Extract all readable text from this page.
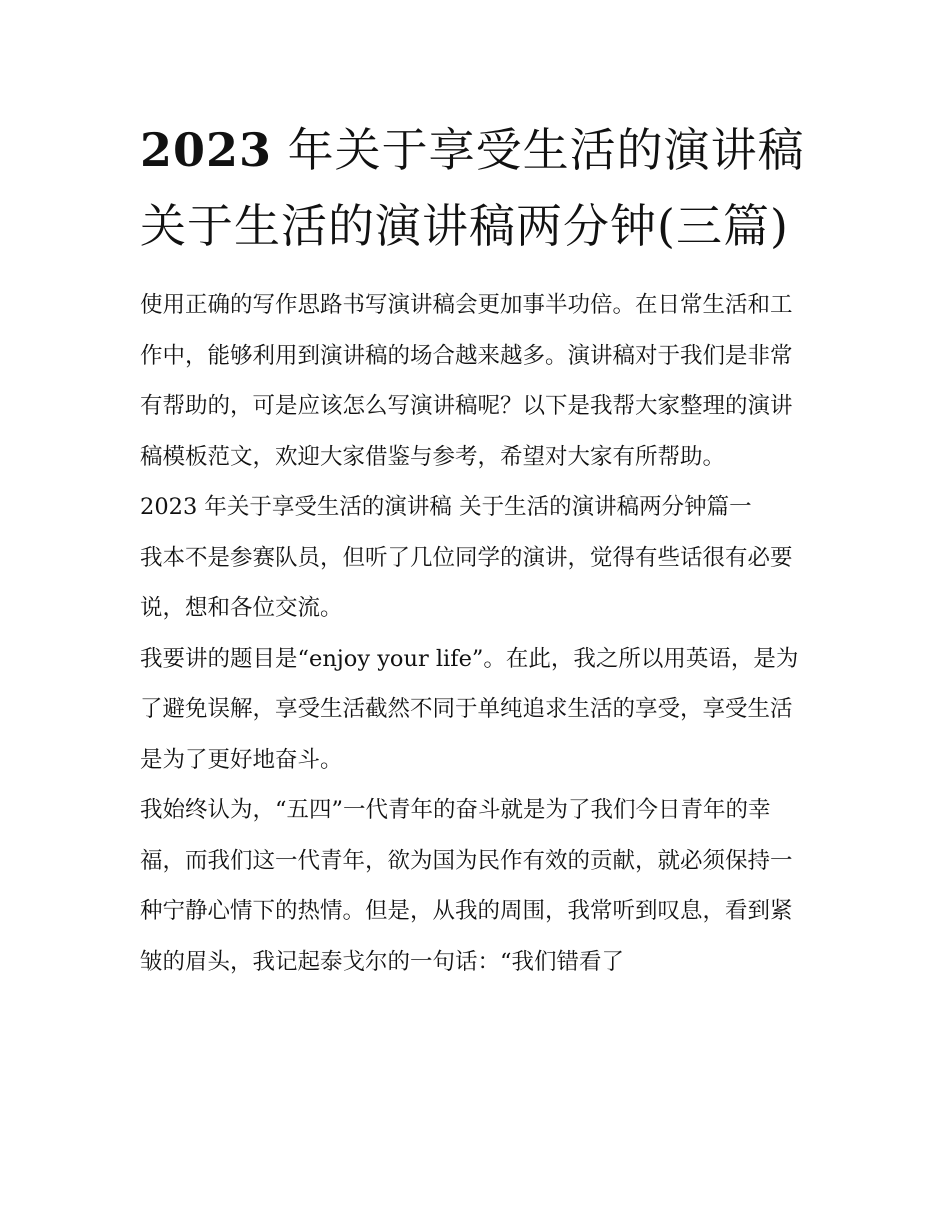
2023 年关于享受生活的演讲稿关于生活的演讲稿两分钟(三篇)

使用正确的写作思路书写演讲稿会更加事半功倍。在日常生活和工作中，能够利用到演讲稿的场合越来越多。演讲稿对于我们是非常有帮助的，可是应该怎么写演讲稿呢？以下是我帮大家整理的演讲稿模板范文，欢迎大家借鉴与参考，希望对大家有所帮助。

2023 年关于享受生活的演讲稿 关于生活的演讲稿两分钟篇一

我本不是参赛队员，但听了几位同学的演讲，觉得有些话很有必要说，想和各位交流。

我要讲的题目是“enjoy your life”。在此，我之所以用英语，是为了避免误解，享受生活截然不同于单纯追求生活的享受，享受生活是为了更好地奋斗。

我始终认为，“五四”一代青年的奋斗就是为了我们今日青年的幸福，而我们这一代青年，欲为国为民作有效的贡献，就必须保持一种宁静心情下的热情。但是，从我的周围，我常听到叹息，看到紧皱的眉头，我记起泰戈尔的一句话：“我们错看了
